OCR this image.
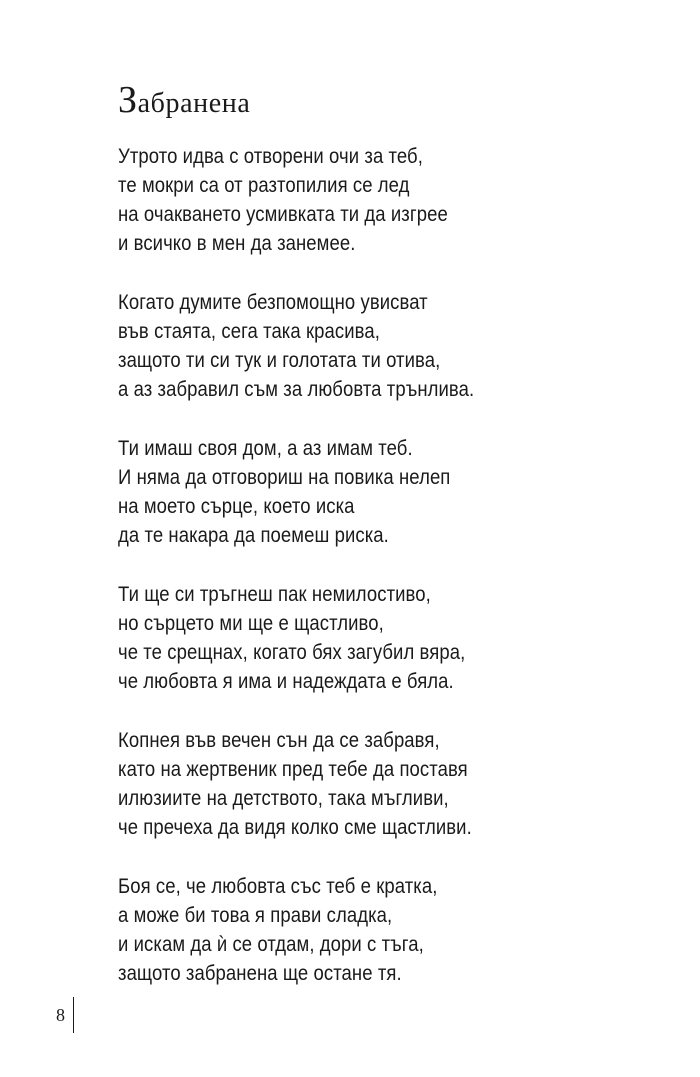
Забранена

Утрото идва с отворени очи за теб,
те мокри са от разтопилия се лед
на очакването усмивката ти да изгрее
и всичко в мен да занемее.

Когато думите безпомощно увисват
във стаята, сега така красива,
защото ти си тук и голотата ти отива,
а аз забравил съм за любовта трънлива.

Ти имаш своя дом, а аз имам теб.
И няма да отговориш на повика нелеп
на моето сърце, което иска
да те накара да поемеш риска.

Ти ще си тръгнеш пак немилостиво,
но сърцето ми ще е щастливо,
че те срещнах, когато бях загубил вяра,
че любовта я има и надеждата е бяла.

Копнея във вечен сън да се забравя,
като на жертвеник пред тебе да поставя
илюзиите на детството, така мъгливи,
че пречеха да видя колко сме щастливи.

Боя се, че любовта със теб е кратка,
а може би това я прави сладка,
и искам да ѝ се отдам, дори с тъга,
защото забранена ще остане тя.

8
